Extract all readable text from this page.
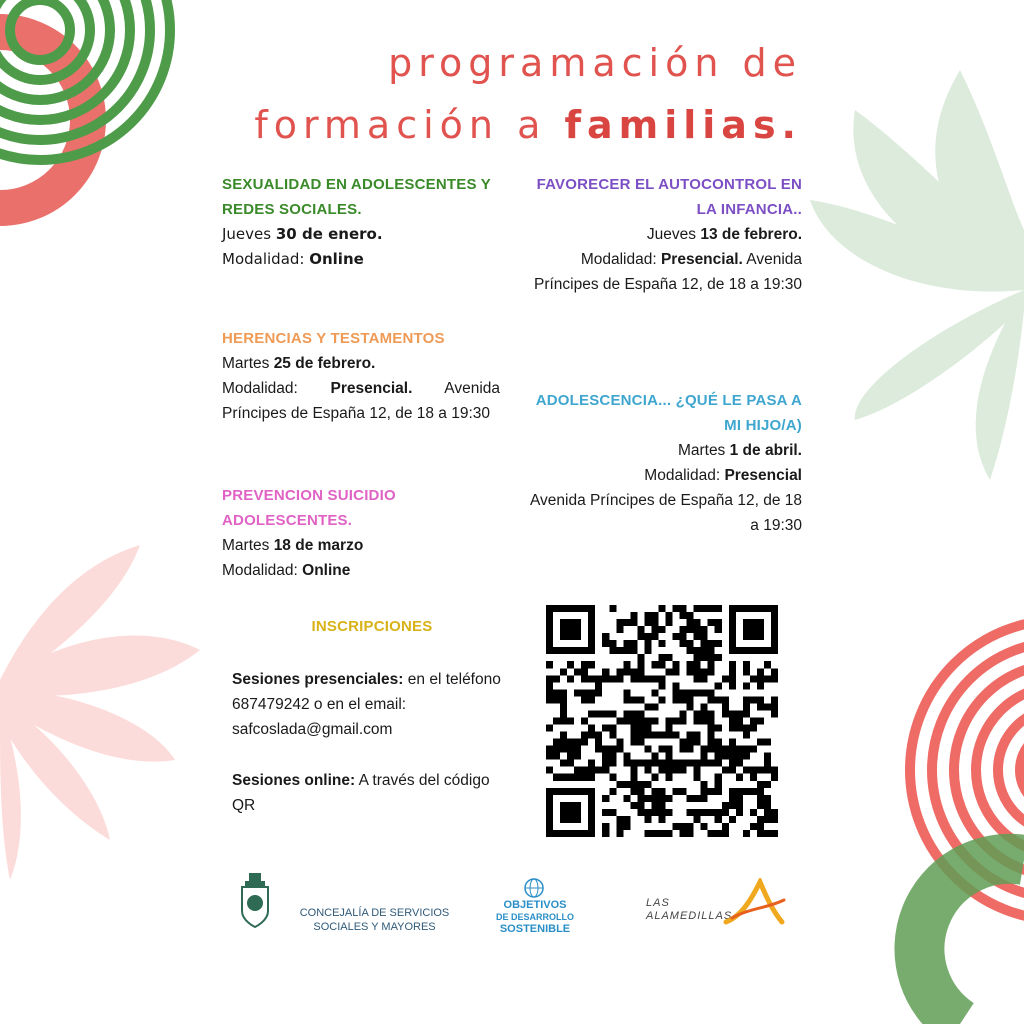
programación de
formación a familias.
SEXUALIDAD EN ADOLESCENTES Y REDES SOCIALES.
Jueves 30 de enero.
Modalidad: Online
FAVORECER EL AUTOCONTROL EN LA INFANCIA..
Jueves 13 de febrero.
Modalidad: Presencial. Avenida Príncipes de España 12, de 18 a 19:30
HERENCIAS Y TESTAMENTOS
Martes 25 de febrero.
Modalidad: Presencial. Avenida Príncipes de España 12, de 18 a 19:30
ADOLESCENCIA... ¿QUÉ LE PASA A MI HIJO/A)
Martes 1 de abril.
Modalidad: Presencial
Avenida Príncipes de España 12, de 18 a 19:30
PREVENCION SUICIDIO ADOLESCENTES.
Martes 18 de marzo
Modalidad: Online
INSCRIPCIONES
Sesiones presenciales: en el teléfono 687479242 o en el email: safcoslada@gmail.com
Sesiones online: A través del código QR
CONCEJALÍA DE SERVICIOS SOCIALES Y MAYORES
OBJETIVOS
DE DESARROLLO
SOSTENIBLE
LAS
ALAMEDILLAS
